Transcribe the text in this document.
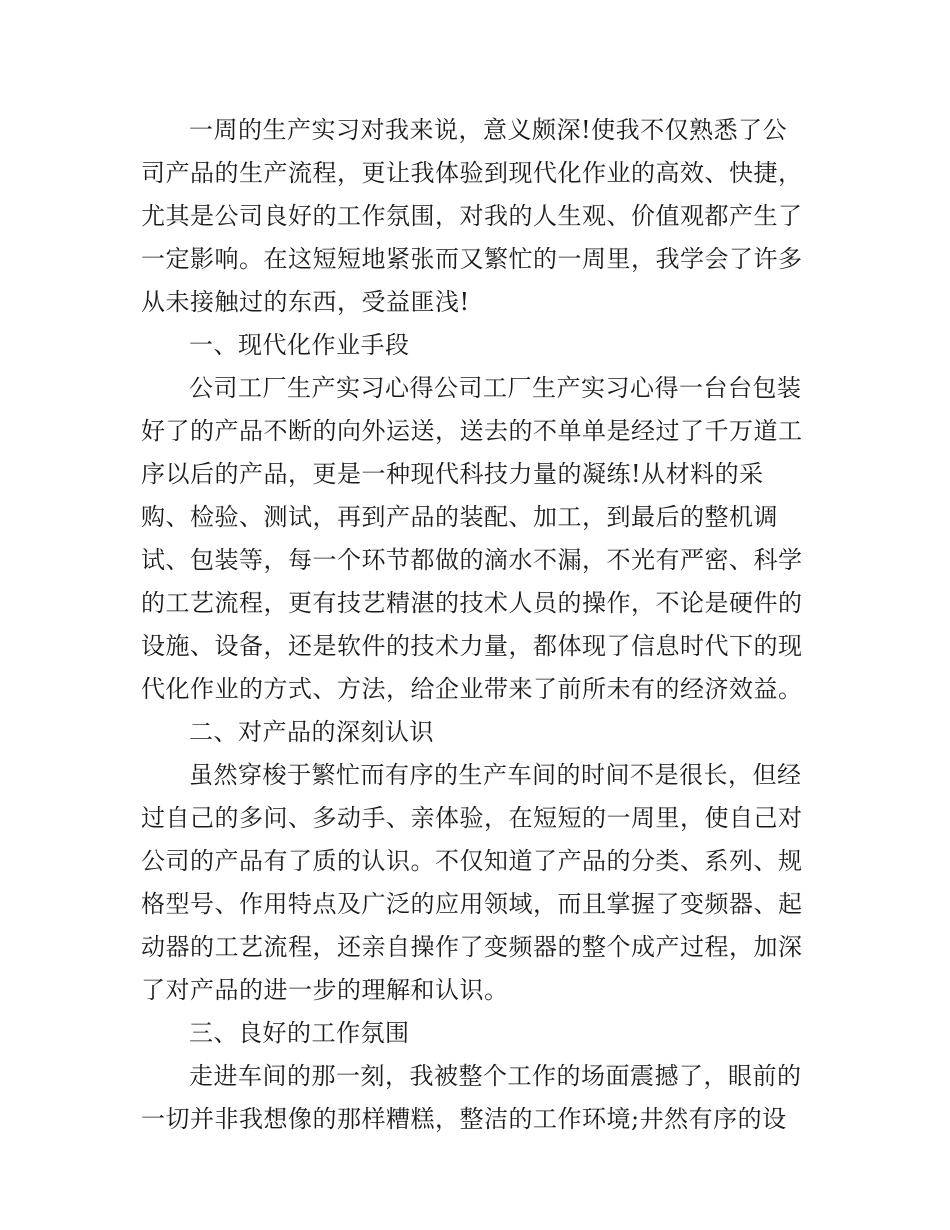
一周的生产实习对我来说，意义颇深!使我不仅熟悉了公
司产品的生产流程，更让我体验到现代化作业的高效、快捷，
尤其是公司良好的工作氛围，对我的人生观、价值观都产生了
一定影响。在这短短地紧张而又繁忙的一周里，我学会了许多
从未接触过的东西，受益匪浅!
一、现代化作业手段
公司工厂生产实习心得公司工厂生产实习心得一台台包装
好了的产品不断的向外运送，送去的不单单是经过了千万道工
序以后的产品，更是一种现代科技力量的凝练!从材料的采
购、检验、测试，再到产品的装配、加工，到最后的整机调
试、包装等，每一个环节都做的滴水不漏，不光有严密、科学
的工艺流程，更有技艺精湛的技术人员的操作，不论是硬件的
设施、设备，还是软件的技术力量，都体现了信息时代下的现
代化作业的方式、方法，给企业带来了前所未有的经济效益。
二、对产品的深刻认识
虽然穿梭于繁忙而有序的生产车间的时间不是很长，但经
过自己的多问、多动手、亲体验，在短短的一周里，使自己对
公司的产品有了质的认识。不仅知道了产品的分类、系列、规
格型号、作用特点及广泛的应用领域，而且掌握了变频器、起
动器的工艺流程，还亲自操作了变频器的整个成产过程，加深
了对产品的进一步的理解和认识。
三、良好的工作氛围
走进车间的那一刻，我被整个工作的场面震撼了，眼前的
一切并非我想像的那样糟糕，整洁的工作环境;井然有序的设
